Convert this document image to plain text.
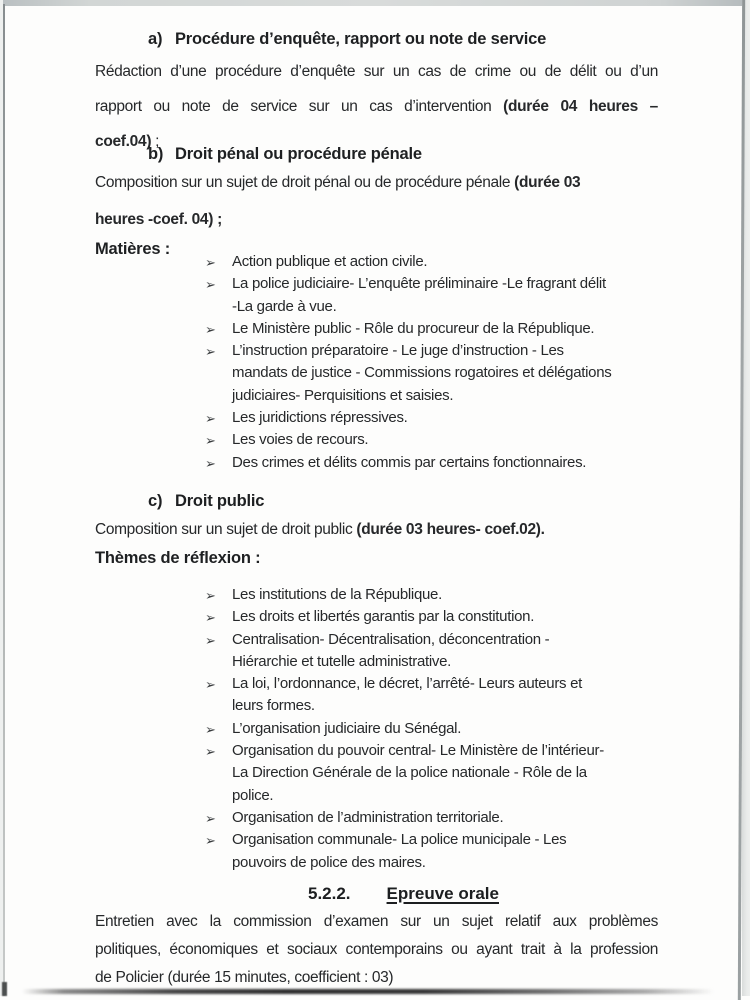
a) Procédure d’enquête, rapport ou note de service
Rédaction d’une procédure d’enquête sur un cas de crime ou de délit ou d’un
rapport ou note de service sur un cas d’intervention (durée 04 heures –
coef.04) ;
b) Droit pénal ou procédure pénale
Composition sur un sujet de droit pénal ou de procédure pénale (durée 03
heures -coef. 04) ;
Matières :
➢	Action publique et action civile.
➢	La police judiciaire- L’enquête préliminaire -Le fragrant délit
-La garde à vue.
➢	Le Ministère public - Rôle du procureur de la République.
➢	L’instruction préparatoire - Le juge d’instruction - Les
mandats de justice - Commissions rogatoires et délégations
judiciaires- Perquisitions et saisies.
➢	Les juridictions répressives.
➢	Les voies de recours.
➢	Des crimes et délits commis par certains fonctionnaires.
c) Droit public
Composition sur un sujet de droit public (durée 03 heures- coef.02).
Thèmes de réflexion :
➢	Les institutions de la République.
➢	Les droits et libertés garantis par la constitution.
➢	Centralisation- Décentralisation, déconcentration -
Hiérarchie et tutelle administrative.
➢	La loi, l’ordonnance, le décret, l’arrêté- Leurs auteurs et
leurs formes.
➢	L’organisation judiciaire du Sénégal.
➢	Organisation du pouvoir central- Le Ministère de l’intérieur-
La Direction Générale de la police nationale - Rôle de la
police.
➢	Organisation de l’administration territoriale.
➢	Organisation communale- La police municipale - Les
pouvoirs de police des maires.
5.2.2. Epreuve orale
Entretien avec la commission d’examen sur un sujet relatif aux problèmes
politiques, économiques et sociaux contemporains ou ayant trait à la profession
de Policier (durée 15 minutes, coefficient : 03)
